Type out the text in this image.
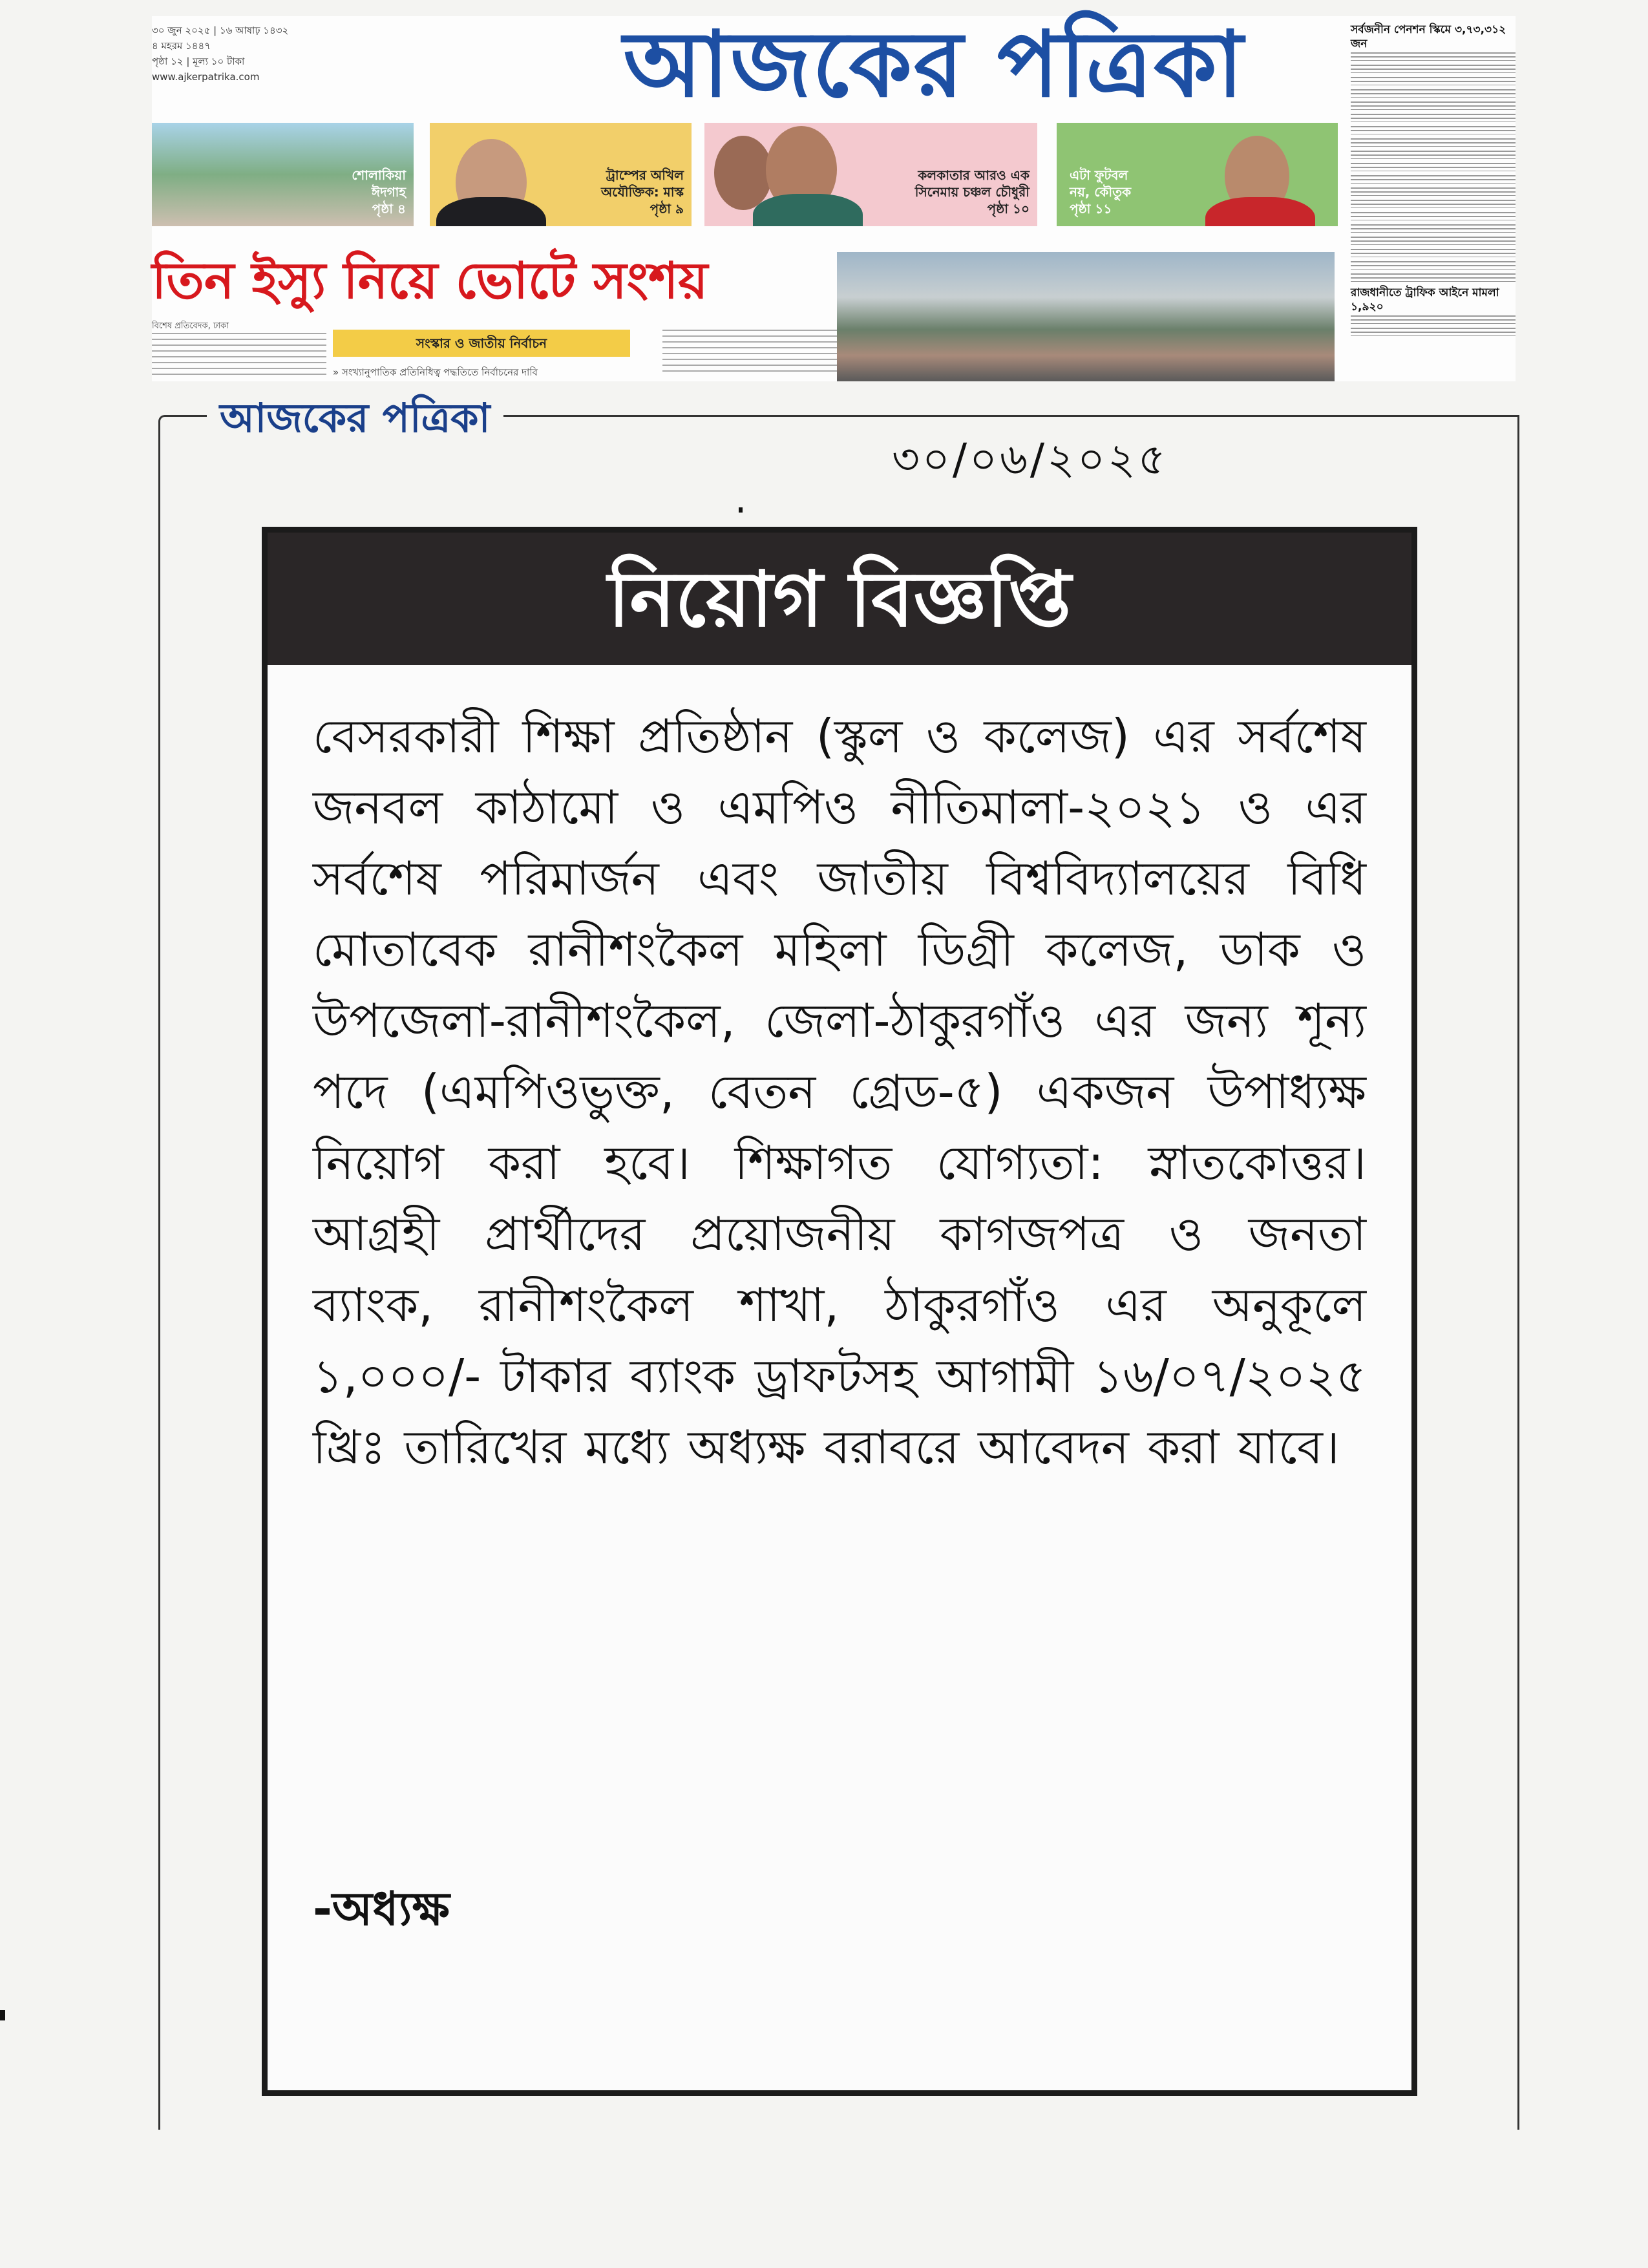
৩০ জুন ২০২৫ | ১৬ আষাঢ় ১৪৩২
৪ মহরম ১৪৪৭
পৃষ্ঠা ১২ | মূল্য ১০ টাকা
www.ajkerpatrika.com	আজকের পত্রিকা	সর্বজনীন পেনশন স্কিমে ৩,৭৩,৩১২ জন
রাজধানীতে ট্রাফিক আইনে মামলা ১,৯২০
শোলাকিয়া
ঈদগাহ
পৃষ্ঠা ৪
ট্রাম্পের অখিল
অযৌক্তিক: মাস্ক
পৃষ্ঠা ৯
কলকাতার আরও এক
সিনেমায় চঞ্চল চৌধুরী
পৃষ্ঠা ১০
এটা ফুটবল
নয়, কৌতুক
পৃষ্ঠা ১১
তিন ইস্যু নিয়ে ভোটে সংশয়
বিশেষ প্রতিবেদক, ঢাকা
সংস্কার ও জাতীয় নির্বাচন
» সংখ্যানুপাতিক প্রতিনিধিত্ব পদ্ধতিতে নির্বাচনের দাবি
আজকের পত্রিকা
৩০/০৬/২০২৫
নিয়োগ বিজ্ঞপ্তি
বেসরকারী শিক্ষা প্রতিষ্ঠান (স্কুল ও কলেজ) এর সর্বশেষ জনবল কাঠামো ও এমপিও নীতিমালা-২০২১ ও এর সর্বশেষ পরিমার্জন এবং জাতীয় বিশ্ববিদ্যালয়ের বিধি মোতাবেক রানীশংকৈল মহিলা ডিগ্রী কলেজ, ডাক ও উপজেলা-রানীশংকৈল, জেলা-ঠাকুরগাঁও এর জন্য শূন্য পদে (এমপিওভুক্ত, বেতন গ্রেড-৫) একজন উপাধ্যক্ষ নিয়োগ করা হবে। শিক্ষাগত যোগ্যতা: স্নাতকোত্তর। আগ্রহী প্রার্থীদের প্রয়োজনীয় কাগজপত্র ও জনতা ব্যাংক, রানীশংকৈল শাখা, ঠাকুরগাঁও এর অনুকূলে ১,০০০/- টাকার ব্যাংক ড্রাফটসহ আগামী ১৬/০৭/২০২৫ খ্রিঃ তারিখের মধ্যে অধ্যক্ষ বরাবরে আবেদন করা যাবে।
-অধ্যক্ষ
